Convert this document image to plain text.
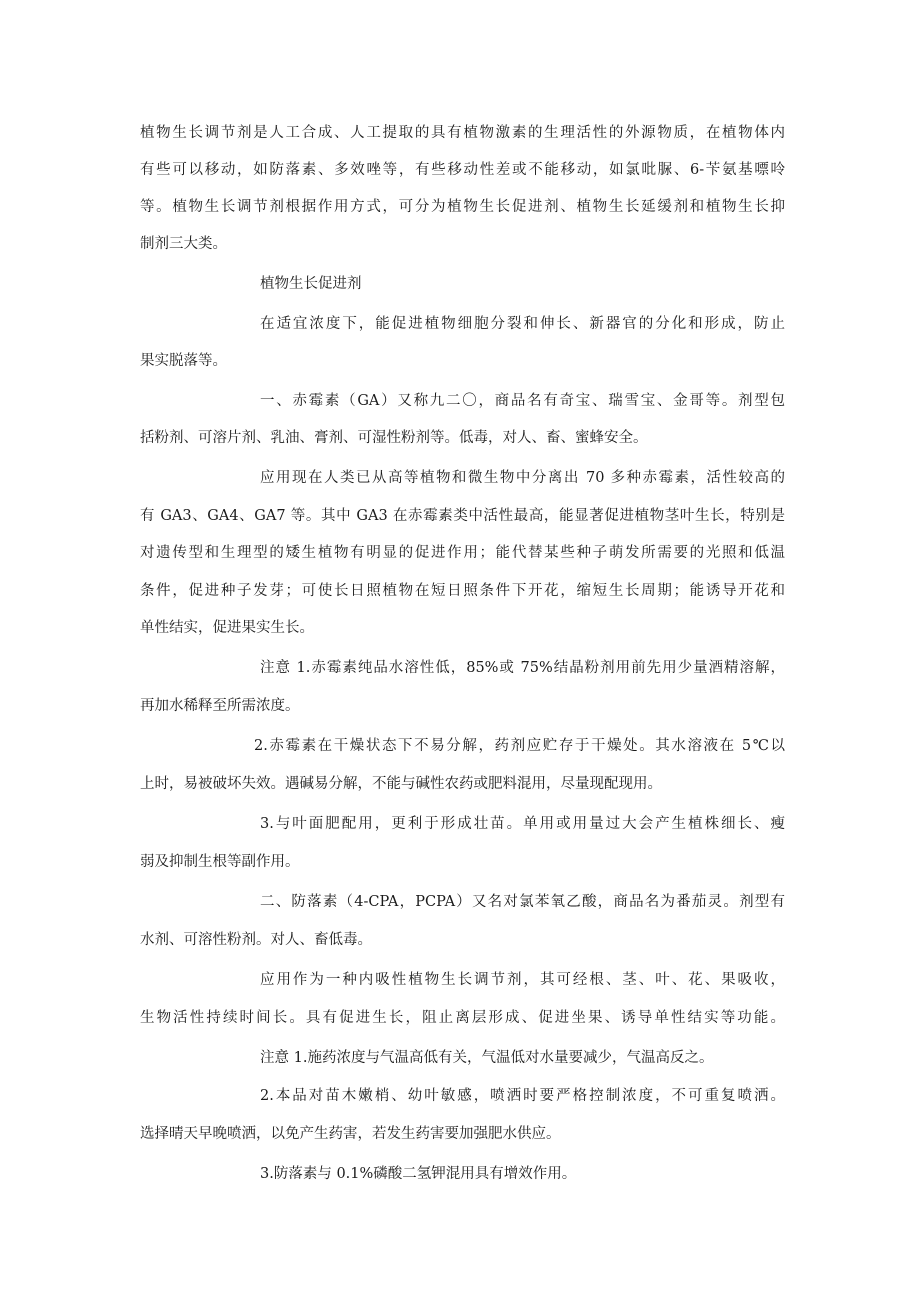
植物生长调节剂是人工合成、人工提取的具有植物激素的生理活性的外源物质，在植物体内
有些可以移动，如防落素、多效唑等，有些移动性差或不能移动，如氯吡脲、6-苄氨基嘌呤
等。植物生长调节剂根据作用方式，可分为植物生长促进剂、植物生长延缓剂和植物生长抑
制剂三大类。
植物生长促进剂
在适宜浓度下，能促进植物细胞分裂和伸长、新器官的分化和形成，防止
果实脱落等。
一、赤霉素（GA）又称九二〇，商品名有奇宝、瑞雪宝、金哥等。剂型包
括粉剂、可溶片剂、乳油、膏剂、可湿性粉剂等。低毒，对人、畜、蜜蜂安全。
应用现在人类已从高等植物和微生物中分离出 70 多种赤霉素，活性较高的
有 GA3、GA4、GA7 等。其中 GA3 在赤霉素类中活性最高，能显著促进植物茎叶生长，特别是
对遗传型和生理型的矮生植物有明显的促进作用；能代替某些种子萌发所需要的光照和低温
条件，促进种子发芽；可使长日照植物在短日照条件下开花，缩短生长周期；能诱导开花和
单性结实，促进果实生长。
注意 1.赤霉素纯品水溶性低，85%或 75%结晶粉剂用前先用少量酒精溶解，
再加水稀释至所需浓度。
2.赤霉素在干燥状态下不易分解，药剂应贮存于干燥处。其水溶液在 5℃以
上时，易被破坏失效。遇碱易分解，不能与碱性农药或肥料混用，尽量现配现用。
3.与叶面肥配用，更利于形成壮苗。单用或用量过大会产生植株细长、瘦
弱及抑制生根等副作用。
二、防落素（4-CPA，PCPA）又名对氯苯氧乙酸，商品名为番茄灵。剂型有
水剂、可溶性粉剂。对人、畜低毒。
应用作为一种内吸性植物生长调节剂，其可经根、茎、叶、花、果吸收，
生物活性持续时间长。具有促进生长，阻止离层形成、促进坐果、诱导单性结实等功能。
注意 1.施药浓度与气温高低有关，气温低对水量要减少，气温高反之。
2.本品对苗木嫩梢、幼叶敏感，喷洒时要严格控制浓度，不可重复喷洒。
选择晴天早晚喷洒，以免产生药害，若发生药害要加强肥水供应。
3.防落素与 0.1%磷酸二氢钾混用具有增效作用。
